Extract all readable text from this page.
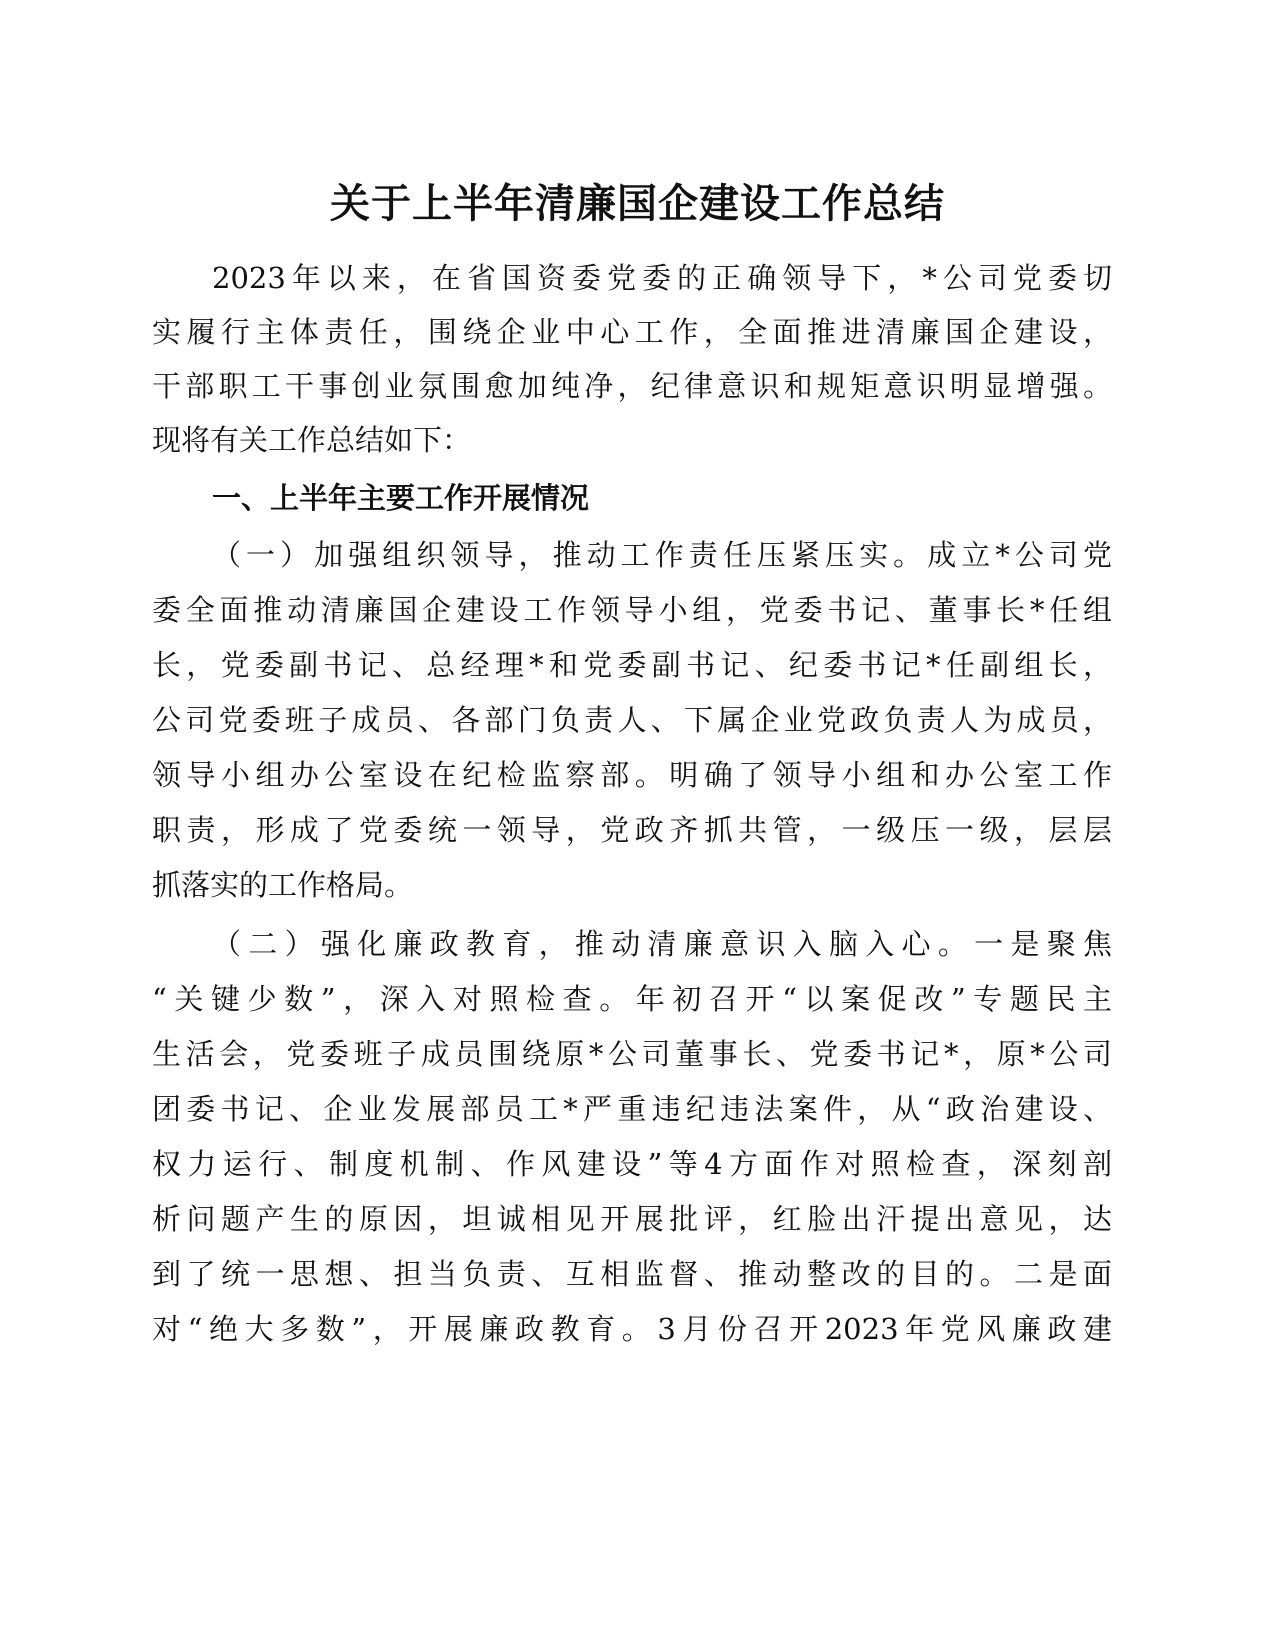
关于上半年清廉国企建设工作总结
2023年以来，在省国资委党委的正确领导下，*公司党委切
实履行主体责任，围绕企业中心工作，全面推进清廉国企建设，
干部职工干事创业氛围愈加纯净，纪律意识和规矩意识明显增强。
现将有关工作总结如下：
一、上半年主要工作开展情况
（一）加强组织领导，推动工作责任压紧压实。成立*公司党
委全面推动清廉国企建设工作领导小组，党委书记、董事长*任组
长，党委副书记、总经理*和党委副书记、纪委书记*任副组长，
公司党委班子成员、各部门负责人、下属企业党政负责人为成员，
领导小组办公室设在纪检监察部。明确了领导小组和办公室工作
职责，形成了党委统一领导，党政齐抓共管，一级压一级，层层
抓落实的工作格局。
（二）强化廉政教育，推动清廉意识入脑入心。一是聚焦
“关键少数”，深入对照检查。年初召开“以案促改”专题民主
生活会，党委班子成员围绕原*公司董事长、党委书记*，原*公司
团委书记、企业发展部员工*严重违纪违法案件，从“政治建设、
权力运行、制度机制、作风建设”等4方面作对照检查，深刻剖
析问题产生的原因，坦诚相见开展批评，红脸出汗提出意见，达
到了统一思想、担当负责、互相监督、推动整改的目的。二是面
对“绝大多数”，开展廉政教育。3月份召开2023年党风廉政建
